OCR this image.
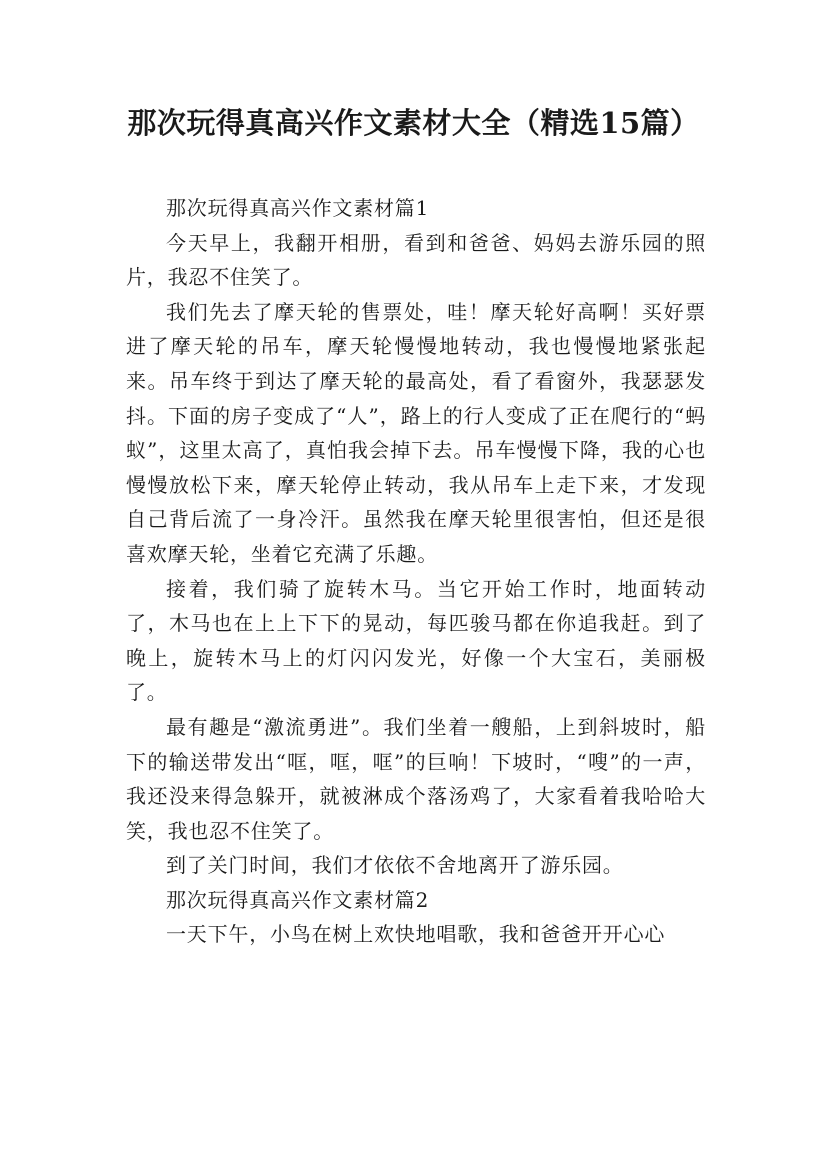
那次玩得真高兴作文素材大全（精选15篇）

那次玩得真高兴作文素材篇1

今天早上，我翻开相册，看到和爸爸、妈妈去游乐园的照片，我忍不住笑了。

我们先去了摩天轮的售票处，哇！摩天轮好高啊！买好票进了摩天轮的吊车，摩天轮慢慢地转动，我也慢慢地紧张起来。吊车终于到达了摩天轮的最高处，看了看窗外，我瑟瑟发抖。下面的房子变成了“人”，路上的行人变成了正在爬行的“蚂蚁”，这里太高了，真怕我会掉下去。吊车慢慢下降，我的心也慢慢放松下来，摩天轮停止转动，我从吊车上走下来，才发现自己背后流了一身冷汗。虽然我在摩天轮里很害怕，但还是很喜欢摩天轮，坐着它充满了乐趣。

接着，我们骑了旋转木马。当它开始工作时，地面转动了，木马也在上上下下的晃动，每匹骏马都在你追我赶。到了晚上，旋转木马上的灯闪闪发光，好像一个大宝石，美丽极了。

最有趣是“激流勇进”。我们坐着一艘船，上到斜坡时，船下的输送带发出“哐，哐，哐”的巨响！下坡时，“嗖”的一声，我还没来得急躲开，就被淋成个落汤鸡了，大家看着我哈哈大笑，我也忍不住笑了。

到了关门时间，我们才依依不舍地离开了游乐园。

那次玩得真高兴作文素材篇2

一天下午，小鸟在树上欢快地唱歌，我和爸爸开开心心
